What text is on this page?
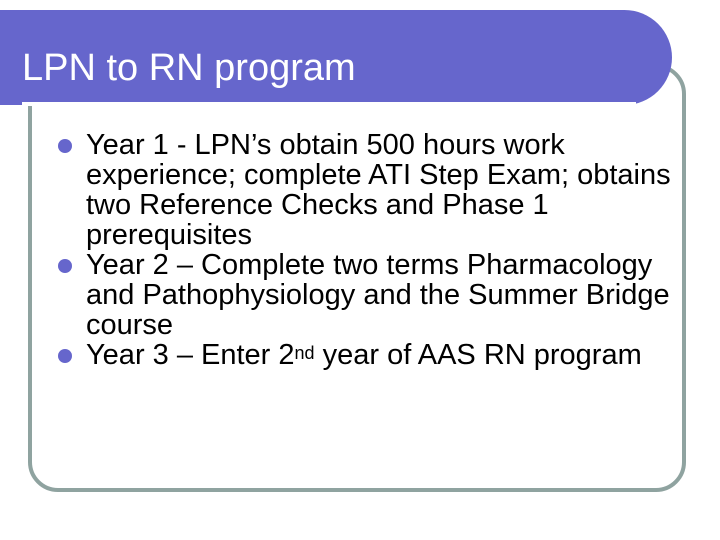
LPN to RN program
Year 1 - LPN’s obtain 500 hours work experience; complete ATI Step Exam; obtains two Reference Checks and Phase 1 prerequisites
Year 2 – Complete two terms Pharmacology and Pathophysiology and the Summer Bridge course
Year 3 – Enter 2nd year of AAS RN program
